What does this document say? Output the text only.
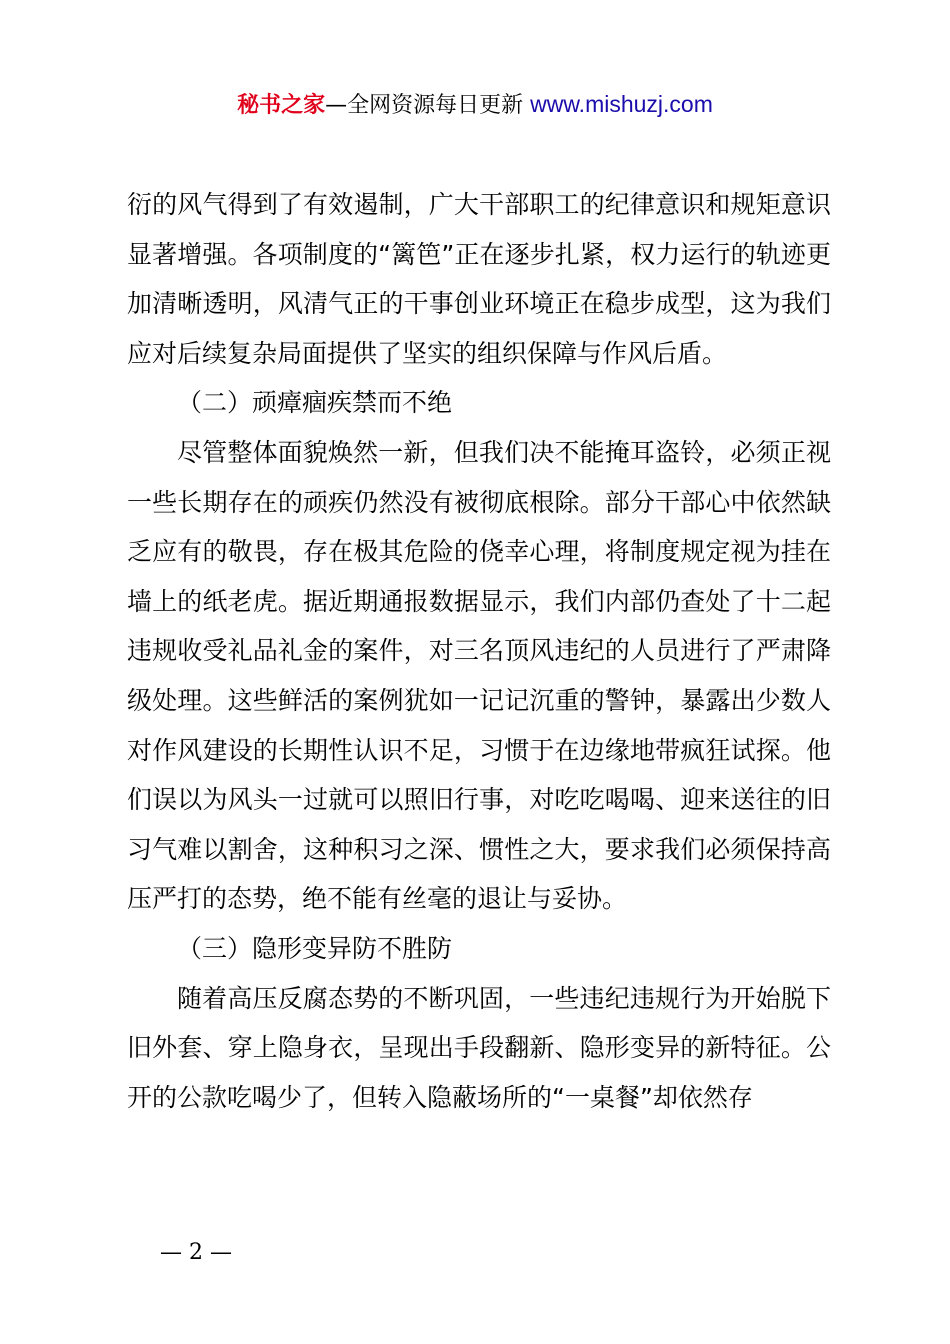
秘书之家—全网资源每日更新 www.mishuzj.com

衍的风气得到了有效遏制，广大干部职工的纪律意识和规矩意识显著增强。各项制度的“篱笆”正在逐步扎紧，权力运行的轨迹更加清晰透明，风清气正的干事创业环境正在稳步成型，这为我们应对后续复杂局面提供了坚实的组织保障与作风后盾。

（二）顽瘴痼疾禁而不绝

尽管整体面貌焕然一新，但我们决不能掩耳盗铃，必须正视一些长期存在的顽疾仍然没有被彻底根除。部分干部心中依然缺乏应有的敬畏，存在极其危险的侥幸心理，将制度规定视为挂在墙上的纸老虎。据近期通报数据显示，我们内部仍查处了十二起违规收受礼品礼金的案件，对三名顶风违纪的人员进行了严肃降级处理。这些鲜活的案例犹如一记记沉重的警钟，暴露出少数人对作风建设的长期性认识不足，习惯于在边缘地带疯狂试探。他们误以为风头一过就可以照旧行事，对吃吃喝喝、迎来送往的旧习气难以割舍，这种积习之深、惯性之大，要求我们必须保持高压严打的态势，绝不能有丝毫的退让与妥协。

（三）隐形变异防不胜防

随着高压反腐态势的不断巩固，一些违纪违规行为开始脱下旧外套、穿上隐身衣，呈现出手段翻新、隐形变异的新特征。公开的公款吃喝少了，但转入隐蔽场所的“一桌餐”却依然存

— 2 —
